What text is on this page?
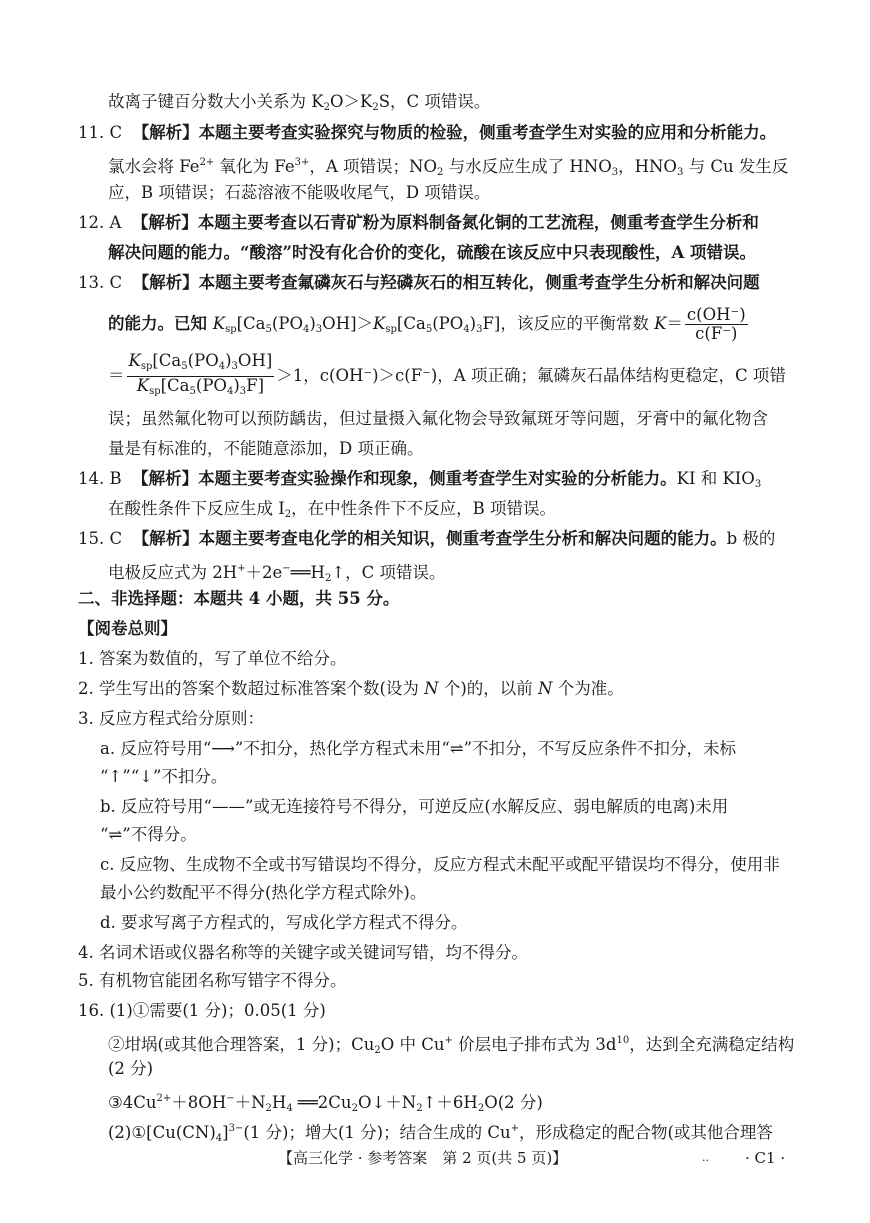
故离子键百分数大小关系为 $K_2O>K_2S$，C 项错误。
11. C 【解析】本题主要考查实验探究与物质的检验，侧重考查学生对实验的应用和分析能力。
氯水会将 $Fe^{2+}$ 氧化为 $Fe^{3+}$，A 项错误；$NO_2$ 与水反应生成了 $HNO_3$，$HNO_3$ 与 Cu 发生反
应，B 项错误；石蕊溶液不能吸收尾气，D 项错误。
12. A 【解析】本题主要考查以石青矿粉为原料制备氮化铜的工艺流程，侧重考查学生分析和
解决问题的能力。“酸溶”时没有化合价的变化，硫酸在该反应中只表现酸性，A 项错误。
13. C 【解析】本题主要考查氟磷灰石与羟磷灰石的相互转化，侧重考查学生分析和解决问题
的能力。已知 $K_{sp}[Ca_5(PO_4)_3OH]>K_{sp}[Ca_5(PO_4)_3F]$，该反应的平衡常数 $K= \frac{c(OH^-)}{c(F^-)}$
＝ $\frac{K_{sp}[Ca_5(PO_4)_3OH]}{K_{sp}[Ca_5(PO_4)_3F]} >1$，c(OH⁻)＞c(F⁻)，A 项正确；氟磷灰石晶体结构更稳定，C 项错
误；虽然氟化物可以预防龋齿，但过量摄入氟化物会导致氟斑牙等问题，牙膏中的氟化物含
量是有标准的，不能随意添加，D 项正确。
14. B 【解析】本题主要考查实验操作和现象，侧重考查学生对实验的分析能力。KI 和 $KIO_3$
在酸性条件下反应生成 $I_2$，在中性条件下不反应，B 项错误。
15. C 【解析】本题主要考查电化学的相关知识，侧重考查学生分析和解决问题的能力。b 极的
电极反应式为 $2H^++2e^-══H_2↑$，C 项错误。
二、非选择题：本题共 4 小题，共 55 分。
【阅卷总则】
1. 答案为数值的，写了单位不给分。
2. 学生写出的答案个数超过标准答案个数(设为 N 个)的，以前 N 个为准。
3. 反应方程式给分原则：
a. 反应符号用“⟶”不扣分，热化学方程式未用“⇌”不扣分，不写反应条件不扣分，未标
“↑”“↓”不扣分。
b. 反应符号用“——”或无连接符号不得分，可逆反应(水解反应、弱电解质的电离)未用
“⇌”不得分。
c. 反应物、生成物不全或书写错误均不得分，反应方程式未配平或配平错误均不得分，使用非
最小公约数配平不得分(热化学方程式除外)。
d. 要求写离子方程式的，写成化学方程式不得分。
4. 名词术语或仪器名称等的关键字或关键词写错，均不得分。
5. 有机物官能团名称写错字不得分。
16. (1)①需要(1 分)；0.05(1 分)
②坩埚(或其他合理答案，1 分)；$Cu_2O$ 中 Cu+ 价层电子排布式为 $3d^{10}$，达到全充满稳定结构
(2 分)
$③4Cu^{2+}+8OH^-+N_2H_4$ $══2Cu_2O↓+N_2↑+6H_2O(2$ 分)
$(2)①[Cu(CN)_4]^{3-}(1$ 分)；增大(1 分)；结合生成的 Cu+，形成稳定的配合物(或其他合理答
【高三化学 · 参考答案　第 2 页(共 5 页)】	.. · C1 ·
